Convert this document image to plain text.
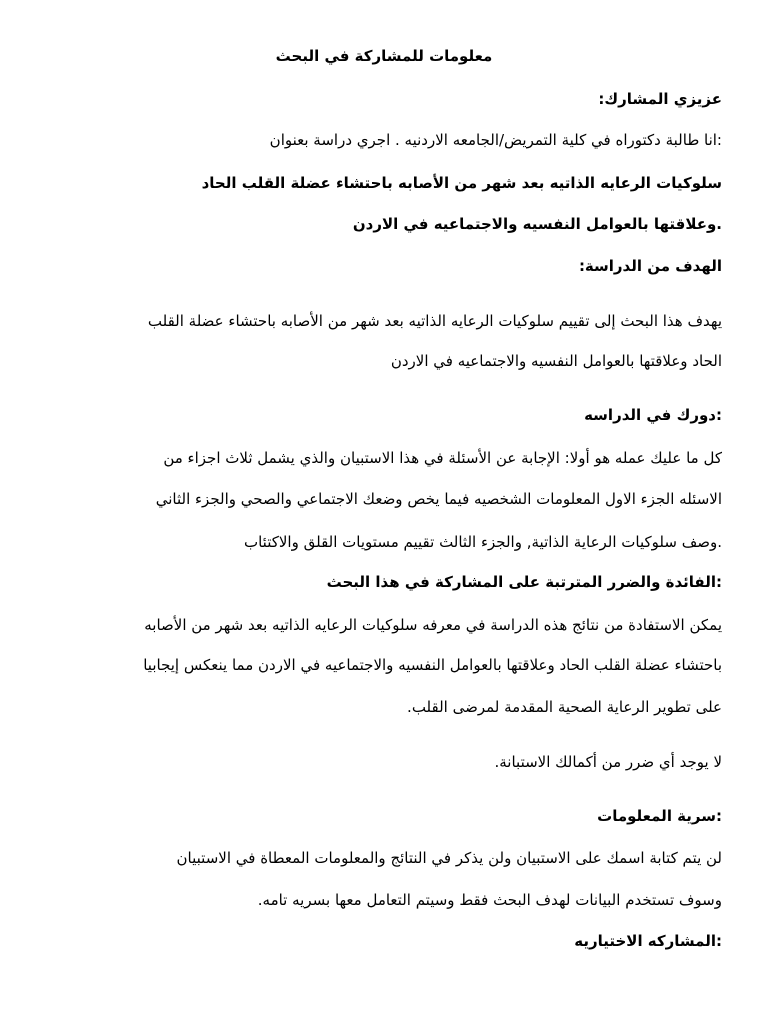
معلومات للمشاركة في البحث

عزيزي المشارك:

:انا طالبة دكتوراه في كلية التمريض/الجامعه الاردنيه . اجري دراسة بعنوان

سلوكيات الرعايه الذاتيه بعد شهر من الأصابه باحتشاء عضلة القلب الحاد

.وعلاقتها بالعوامل النفسيه والاجتماعيه في الاردن

الهدف من الدراسة:

يهدف هذا البحث إلى تقييم سلوكيات الرعايه الذاتيه بعد شهر من الأصابه باحتشاء عضلة القلب

الحاد وعلاقتها بالعوامل النفسيه والاجتماعيه في الاردن

:دورك في الدراسه

كل ما عليك عمله هو أولا: الإجابة عن الأسئلة في هذا الاستبيان والذي يشمل ثلاث اجزاء من

الاسئله الجزء الاول المعلومات الشخصيه فيما يخص وضعك الاجتماعي والصحي والجزء الثاني

.وصف سلوكيات الرعاية الذاتية, والجزء الثالث تقييم مستويات القلق والاكتئاب

:الفائدة والضرر المترتبة على المشاركة في هذا البحث

يمكن الاستفادة من نتائج هذه الدراسة في معرفه سلوكيات الرعايه الذاتيه بعد شهر من الأصابه

باحتشاء عضلة القلب الحاد وعلاقتها بالعوامل النفسيه والاجتماعيه في الاردن مما ينعكس إيجابيا

على تطوير الرعاية الصحية المقدمة لمرضى القلب.

لا يوجد أي ضرر من أكمالك الاستبانة.

:سرية المعلومات

لن يتم كتابة اسمك على الاستبيان ولن يذكر في النتائج والمعلومات المعطاة في الاستبيان

وسوف تستخدم البيانات لهدف البحث فقط وسيتم التعامل معها بسريه تامه.

:المشاركه الاختياريه
